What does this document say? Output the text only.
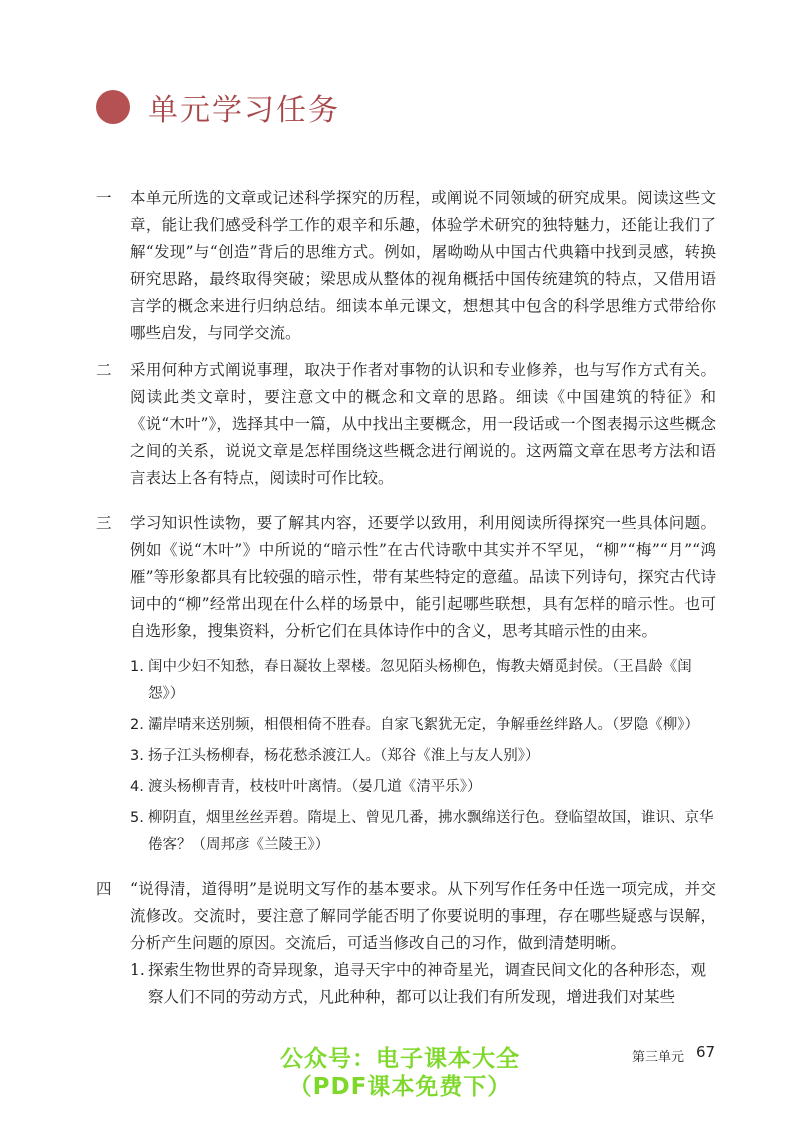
单元学习任务
一	本单元所选的文章或记述科学探究的历程，或阐说不同领域的研究成果。阅读这些文章，能让我们感受科学工作的艰辛和乐趣，体验学术研究的独特魅力，还能让我们了解“发现”与“创造”背后的思维方式。例如，屠呦呦从中国古代典籍中找到灵感，转换研究思路，最终取得突破；梁思成从整体的视角概括中国传统建筑的特点，又借用语言学的概念来进行归纳总结。细读本单元课文，想想其中包含的科学思维方式带给你哪些启发，与同学交流。
二	采用何种方式阐说事理，取决于作者对事物的认识和专业修养，也与写作方式有关。阅读此类文章时，要注意文中的概念和文章的思路。细读《中国建筑的特征》和《说“木叶”》，选择其中一篇，从中找出主要概念，用一段话或一个图表揭示这些概念之间的关系，说说文章是怎样围绕这些概念进行阐说的。这两篇文章在思考方法和语言表达上各有特点，阅读时可作比较。
三	学习知识性读物，要了解其内容，还要学以致用，利用阅读所得探究一些具体问题。例如《说“木叶”》中所说的“暗示性”在古代诗歌中其实并不罕见，“柳”“梅”“月”“鸿雁”等形象都具有比较强的暗示性，带有某些特定的意蕴。品读下列诗句，探究古代诗词中的“柳”经常出现在什么样的场景中，能引起哪些联想，具有怎样的暗示性。也可自选形象，搜集资料，分析它们在具体诗作中的含义，思考其暗示性的由来。
1. 闺中少妇不知愁，春日凝妆上翠楼。忽见陌头杨柳色，悔教夫婿觅封侯。（王昌龄《闺怨》）
2. 灞岸晴来送别频，相偎相倚不胜春。自家飞絮犹无定，争解垂丝绊路人。（罗隐《柳》）
3. 扬子江头杨柳春，杨花愁杀渡江人。（郑谷《淮上与友人别》）
4. 渡头杨柳青青，枝枝叶叶离情。（晏几道《清平乐》）
5. 柳阴直，烟里丝丝弄碧。隋堤上、曾见几番，拂水飘绵送行色。登临望故国，谁识、京华倦客？（周邦彦《兰陵王》）
四	“说得清，道得明”是说明文写作的基本要求。从下列写作任务中任选一项完成，并交流修改。交流时，要注意了解同学能否明了你要说明的事理，存在哪些疑惑与误解，分析产生问题的原因。交流后，可适当修改自己的习作，做到清楚明晰。
1. 探索生物世界的奇异现象，追寻天宇中的神奇星光，调查民间文化的各种形态，观察人们不同的劳动方式，凡此种种，都可以让我们有所发现，增进我们对某些
公众号：电子课本大全
（PDF课本免费下）
第三单元 67
